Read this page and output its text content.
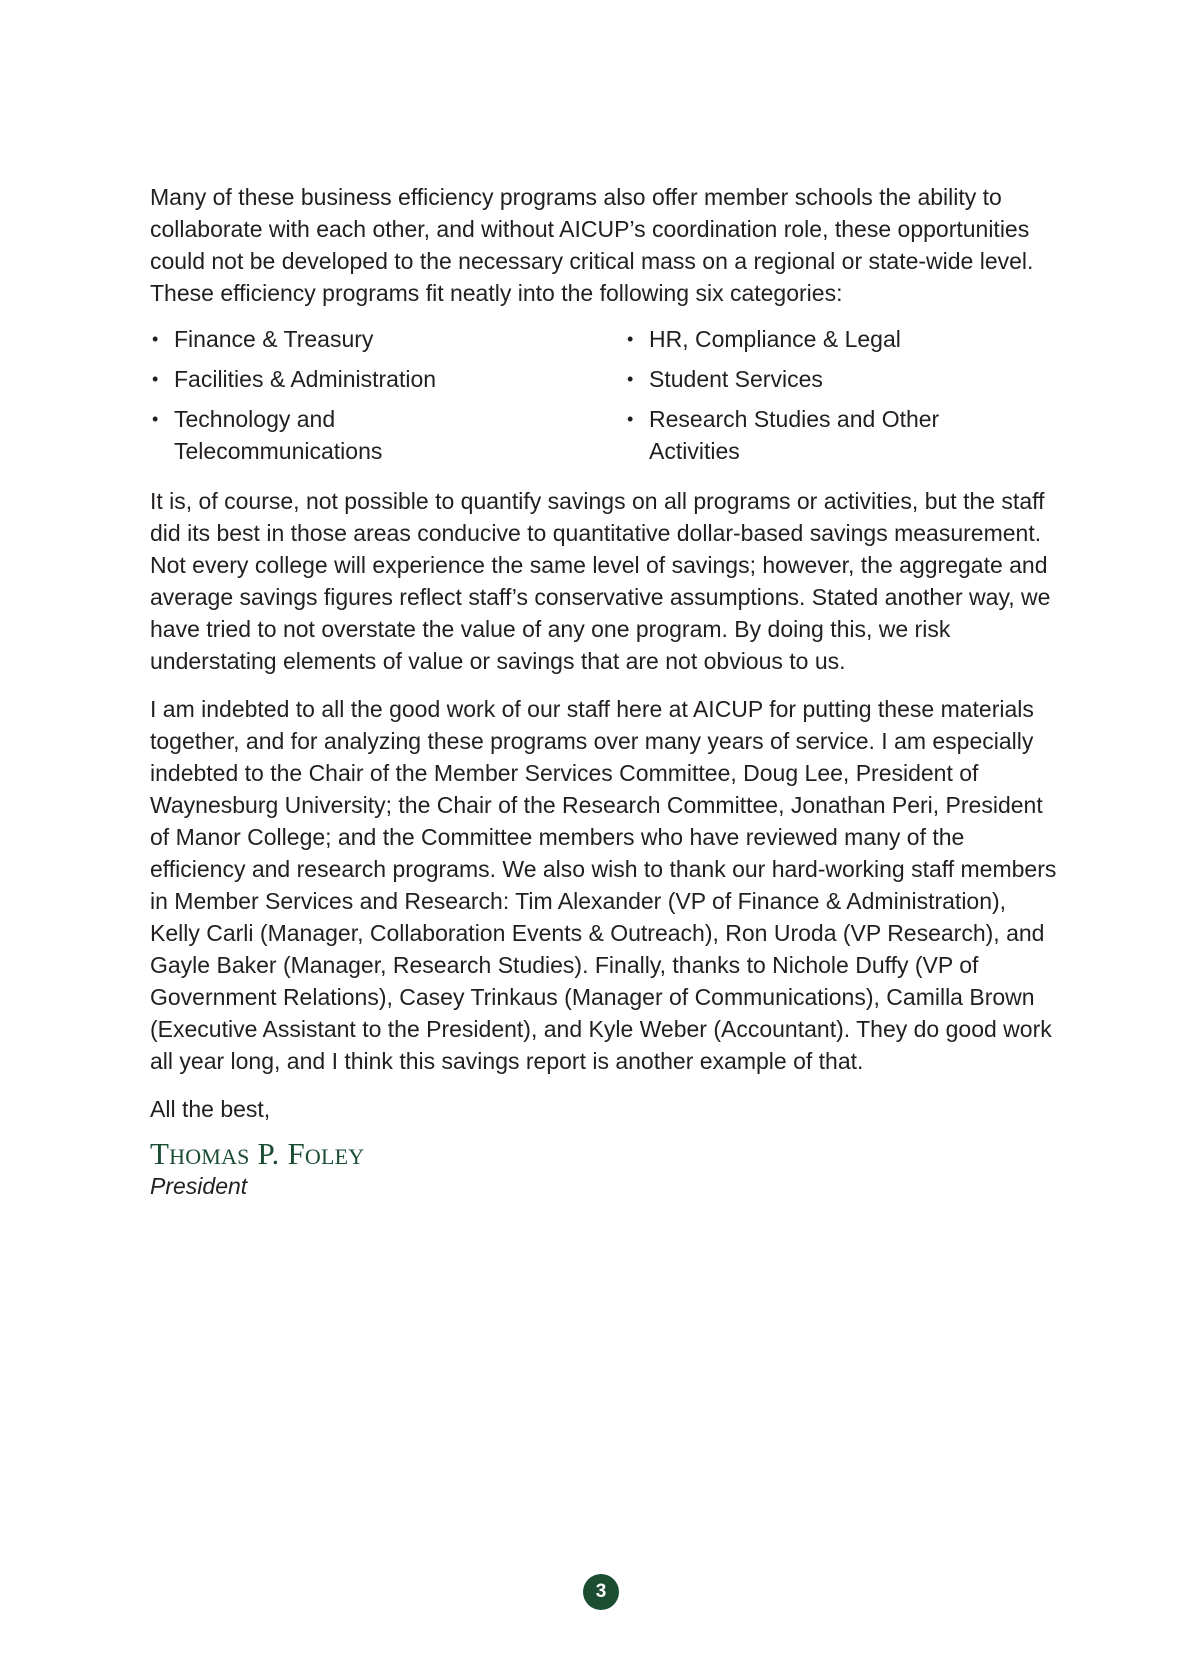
Many of these business efficiency programs also offer member schools the ability to collaborate with each other, and without AICUP’s coordination role, these opportunities could not be developed to the necessary critical mass on a regional or state-wide level. These efficiency programs fit neatly into the following six categories:

• Finance & Treasury	• HR, Compliance & Legal
• Facilities & Administration	• Student Services
• Technology and Telecommunications
• Research Studies and Other Activities

It is, of course, not possible to quantify savings on all programs or activities, but the staff did its best in those areas conducive to quantitative dollar-based savings measurement. Not every college will experience the same level of savings; however, the aggregate and average savings figures reflect staff’s conservative assumptions. Stated another way, we have tried to not overstate the value of any one program. By doing this, we risk understating elements of value or savings that are not obvious to us.

I am indebted to all the good work of our staff here at AICUP for putting these materials together, and for analyzing these programs over many years of service. I am especially indebted to the Chair of the Member Services Committee, Doug Lee, President of Waynesburg University; the Chair of the Research Committee, Jonathan Peri, President of Manor College; and the Committee members who have reviewed many of the efficiency and research programs. We also wish to thank our hard-working staff members in Member Services and Research: Tim Alexander (VP of Finance & Administration), Kelly Carli (Manager, Collaboration Events & Outreach), Ron Uroda (VP Research), and Gayle Baker (Manager, Research Studies). Finally, thanks to Nichole Duffy (VP of Government Relations), Casey Trinkaus (Manager of Communications), Camilla Brown (Executive Assistant to the President), and Kyle Weber (Accountant). They do good work all year long, and I think this savings report is another example of that.

All the best,

Thomas P. Foley
President
3
